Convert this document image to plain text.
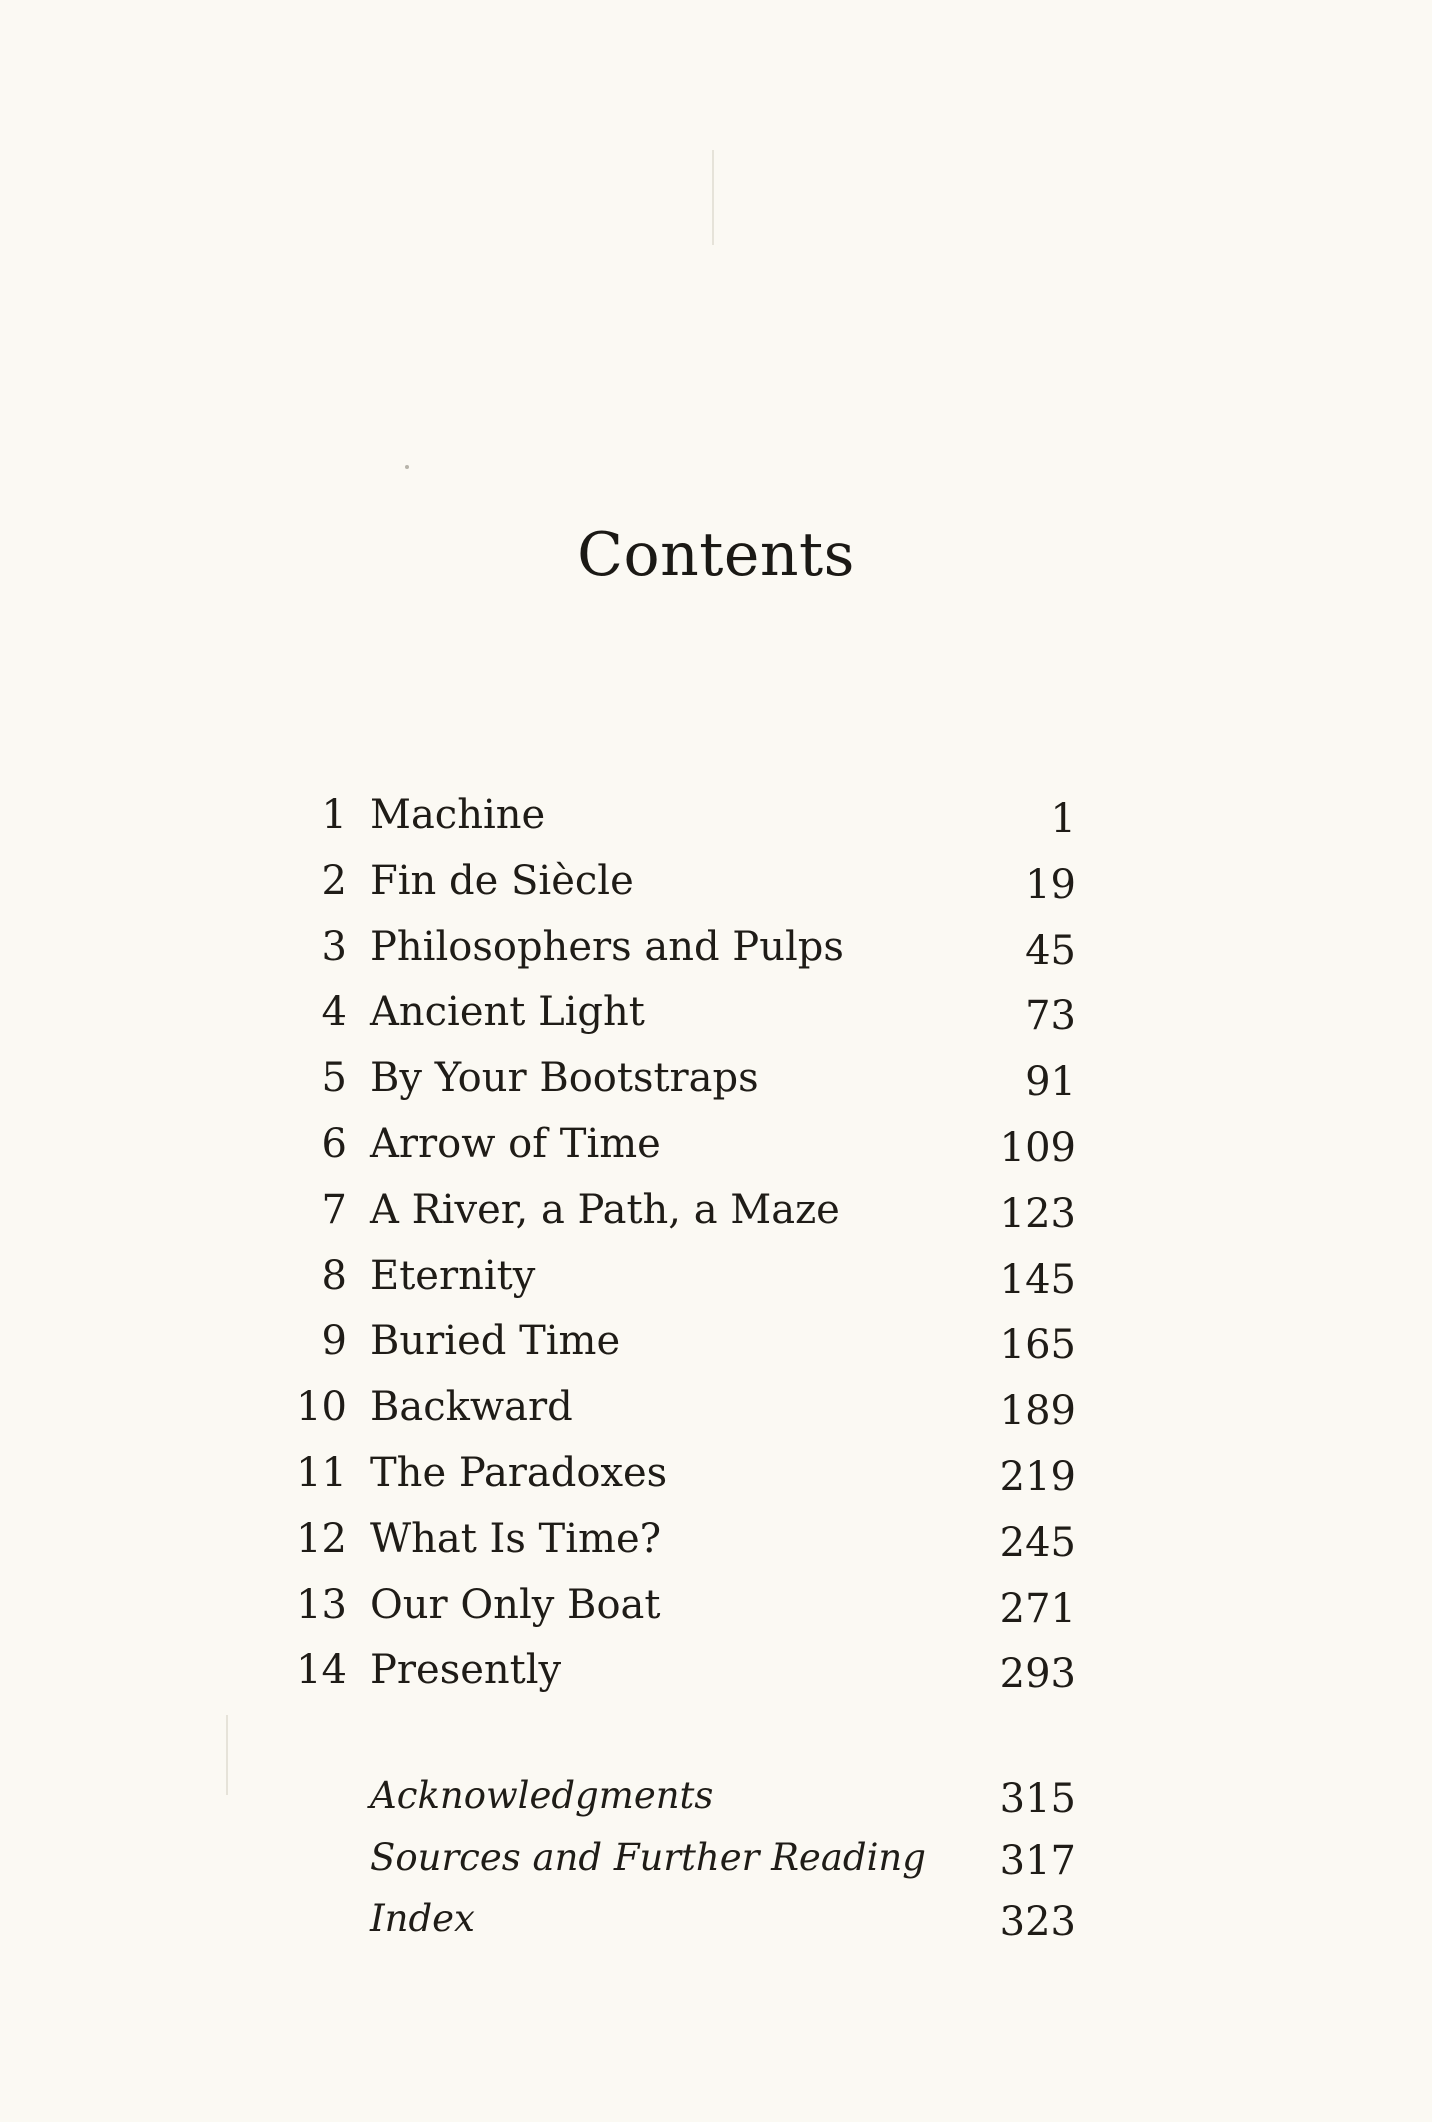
Contents
1 Machine	1
2 Fin de Siècle	19
3 Philosophers and Pulps	45
4 Ancient Light	73
5 By Your Bootstraps	91
6 Arrow of Time	109
7 A River, a Path, a Maze	123
8 Eternity	145
9 Buried Time	165
10 Backward	189
11 The Paradoxes	219
12 What Is Time?	245
13 Our Only Boat	271
14 Presently	293
Acknowledgments	315
Sources and Further Reading 317
Index	323
